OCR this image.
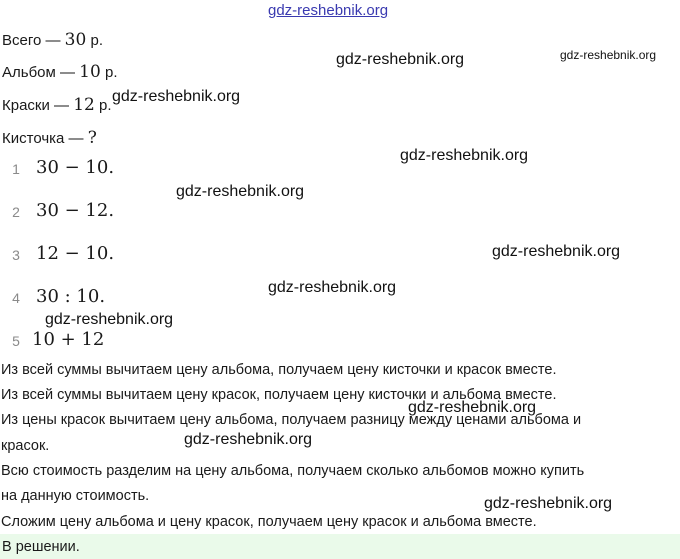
gdz-reshebnik.org
Всего — 30 р.
Альбом — 10 р.
Краски — 12 р.
Кисточка — ?
1 30 − 10.
2 30 − 12.
3 12 − 10.
4 30 : 10.
5 10 + 12
Из всей суммы вычитаем цену альбома, получаем цену кисточки и красок вместе.
Из всей суммы вычитаем цену красок, получаем цену кисточки и альбома вместе.
Из цены красок вычитаем цену альбома, получаем разницу между ценами альбома и
красок.
Всю стоимость разделим на цену альбома, получаем сколько альбомов можно купить
на данную стоимость.
Сложим цену альбома и цену красок, получаем цену красок и альбома вместе.
В решении.
gdz-reshebnik.org	gdz-reshebnik.org
gdz-reshebnik.org
gdz-reshebnik.org
gdz-reshebnik.org
gdz-reshebnik.org
gdz-reshebnik.org
gdz-reshebnik.org
gdz-reshebnik.org
gdz-reshebnik.org
gdz-reshebnik.org
